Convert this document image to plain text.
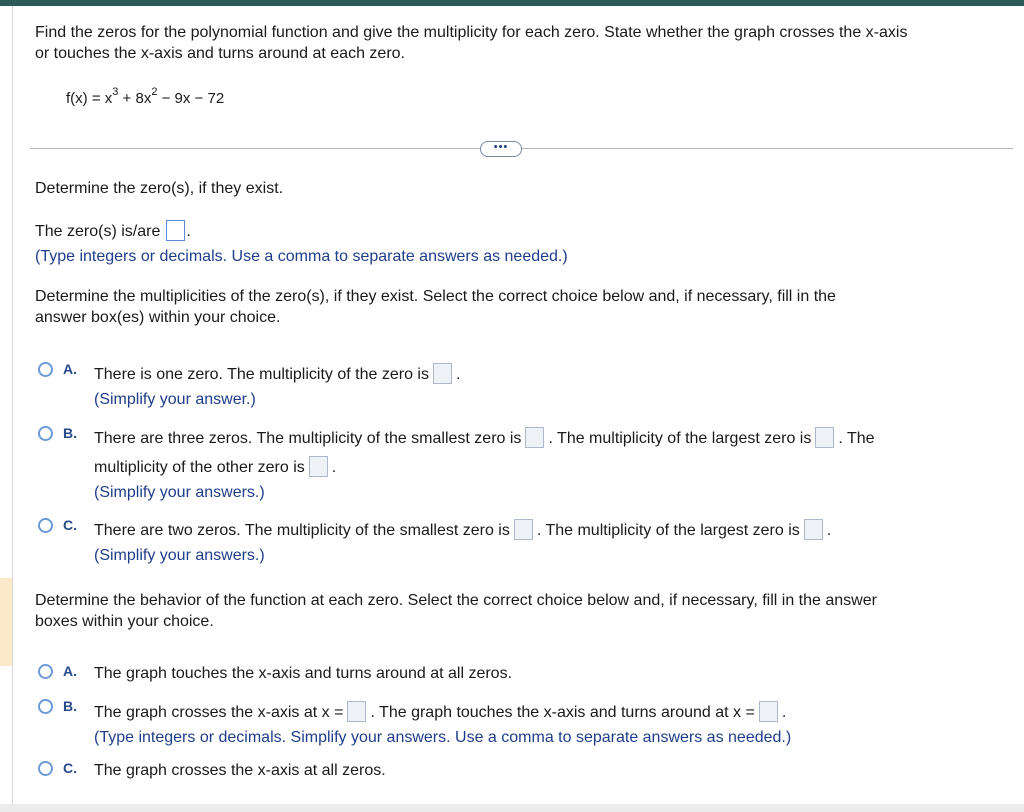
Find the zeros for the polynomial function and give the multiplicity for each zero. State whether the graph crosses the x-axis
or touches the x-axis and turns around at each zero.
$f(x) = x^3 + 8x^2 - 9x - 72$
•••
Determine the zero(s), if they exist.
The zero(s) is/are .
(Type integers or decimals. Use a comma to separate answers as needed.)
Determine the multiplicities of the zero(s), if they exist. Select the correct choice below and, if necessary, fill in the
answer box(es) within your choice.
A. There is one zero. The multiplicity of the zero is .
(Simplify your answer.)
B. There are three zeros. The multiplicity of the smallest zero is . The multiplicity of the largest zero is . The
multiplicity of the other zero is .
(Simplify your answers.)
C. There are two zeros. The multiplicity of the smallest zero is . The multiplicity of the largest zero is .
(Simplify your answers.)
Determine the behavior of the function at each zero. Select the correct choice below and, if necessary, fill in the answer
boxes within your choice.
A. The graph touches the x-axis and turns around at all zeros.
B. The graph crosses the x-axis at x = . The graph touches the x-axis and turns around at x = .
(Type integers or decimals. Simplify your answers. Use a comma to separate answers as needed.)
C. The graph crosses the x-axis at all zeros.
